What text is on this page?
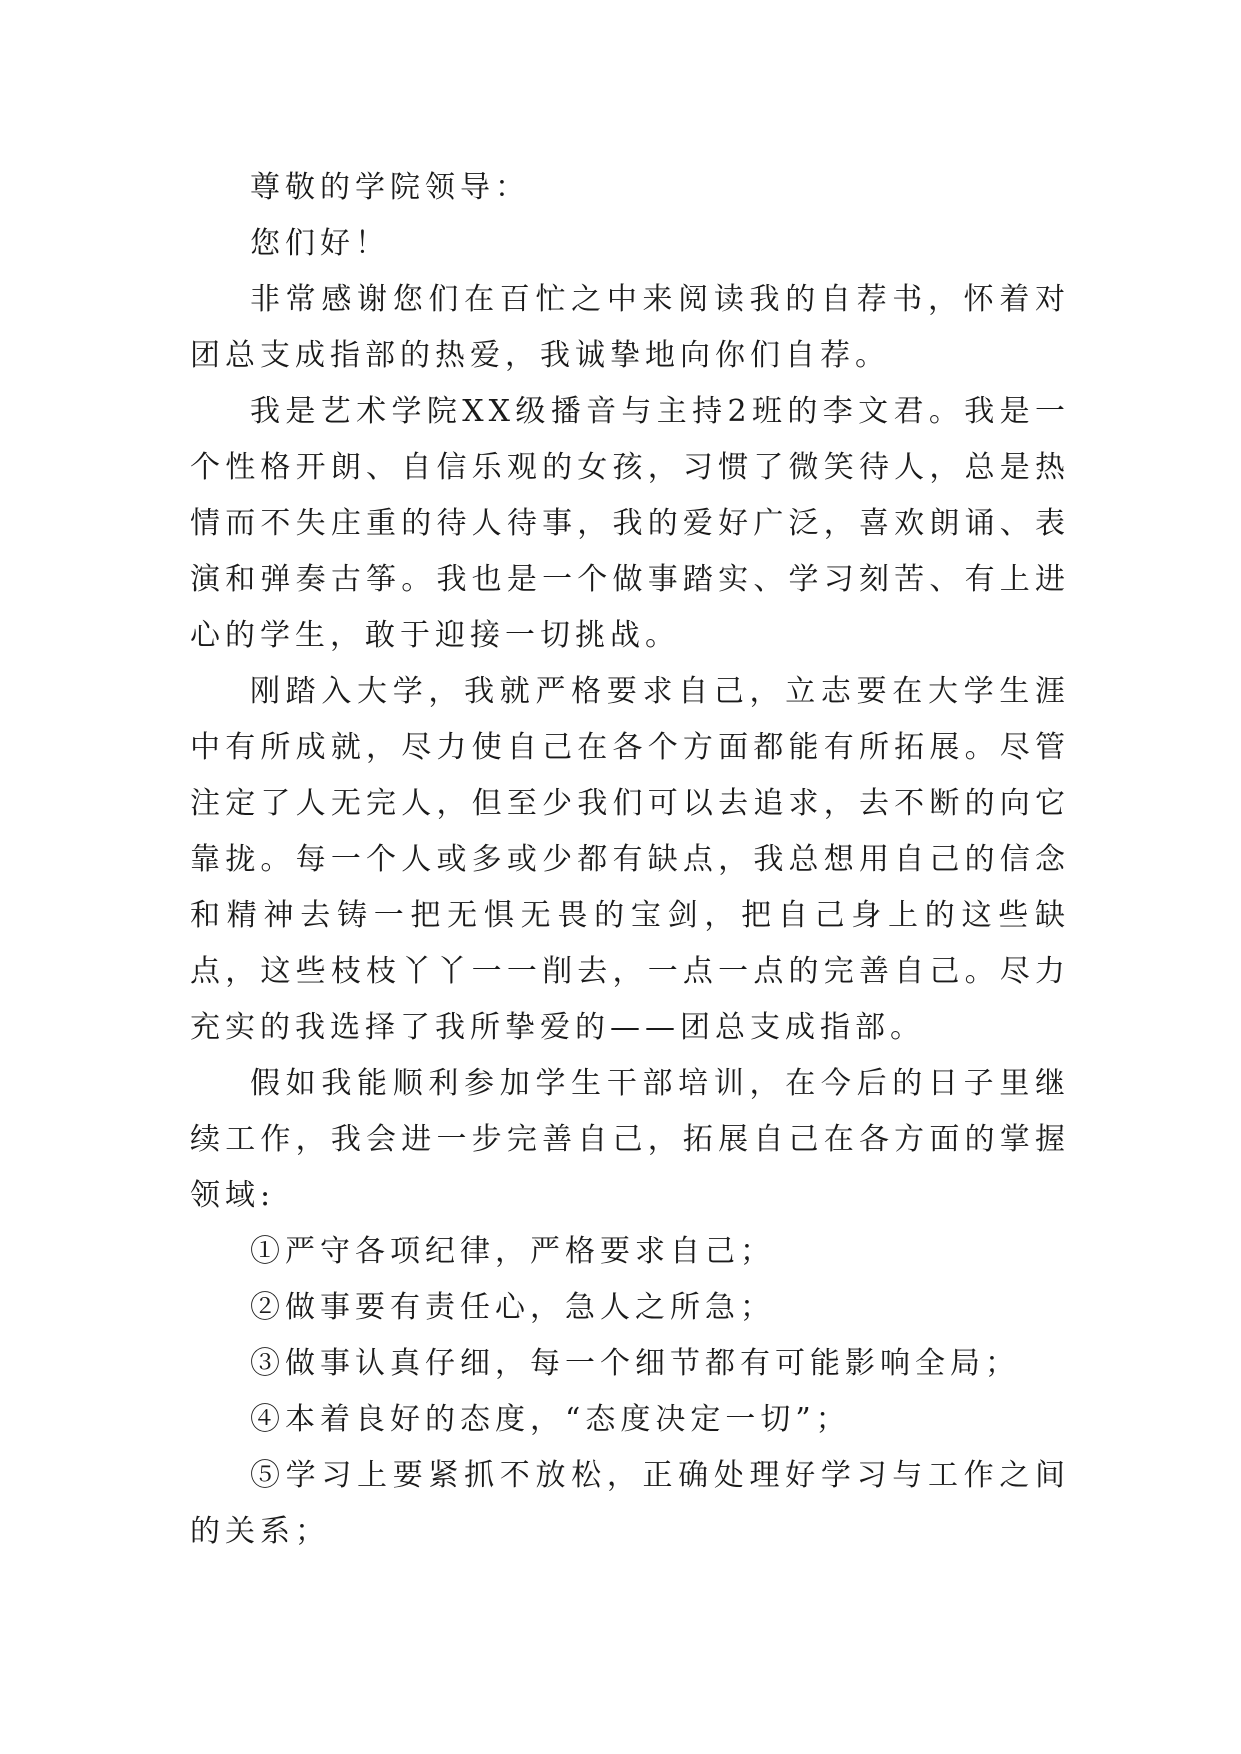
尊敬的学院领导：

您们好！

非常感谢您们在百忙之中来阅读我的自荐书，怀着对团总支成指部的热爱，我诚挚地向你们自荐。

我是艺术学院XX级播音与主持2班的李文君。我是一个性格开朗、自信乐观的女孩，习惯了微笑待人，总是热情而不失庄重的待人待事，我的爱好广泛，喜欢朗诵、表演和弹奏古筝。我也是一个做事踏实、学习刻苦、有上进心的学生，敢于迎接一切挑战。

刚踏入大学，我就严格要求自己，立志要在大学生涯中有所成就，尽力使自己在各个方面都能有所拓展。尽管注定了人无完人，但至少我们可以去追求，去不断的向它靠拢。每一个人或多或少都有缺点，我总想用自己的信念和精神去铸一把无惧无畏的宝剑，把自己身上的这些缺点，这些枝枝丫丫一一削去，一点一点的完善自己。尽力充实的我选择了我所挚爱的——团总支成指部。

假如我能顺利参加学生干部培训，在今后的日子里继续工作，我会进一步完善自己，拓展自己在各方面的掌握领域:

①严守各项纪律，严格要求自己；

②做事要有责任心，急人之所急；

③做事认真仔细，每一个细节都有可能影响全局；

④本着良好的态度，“态度决定一切”；

⑤学习上要紧抓不放松，正确处理好学习与工作之间的关系；
